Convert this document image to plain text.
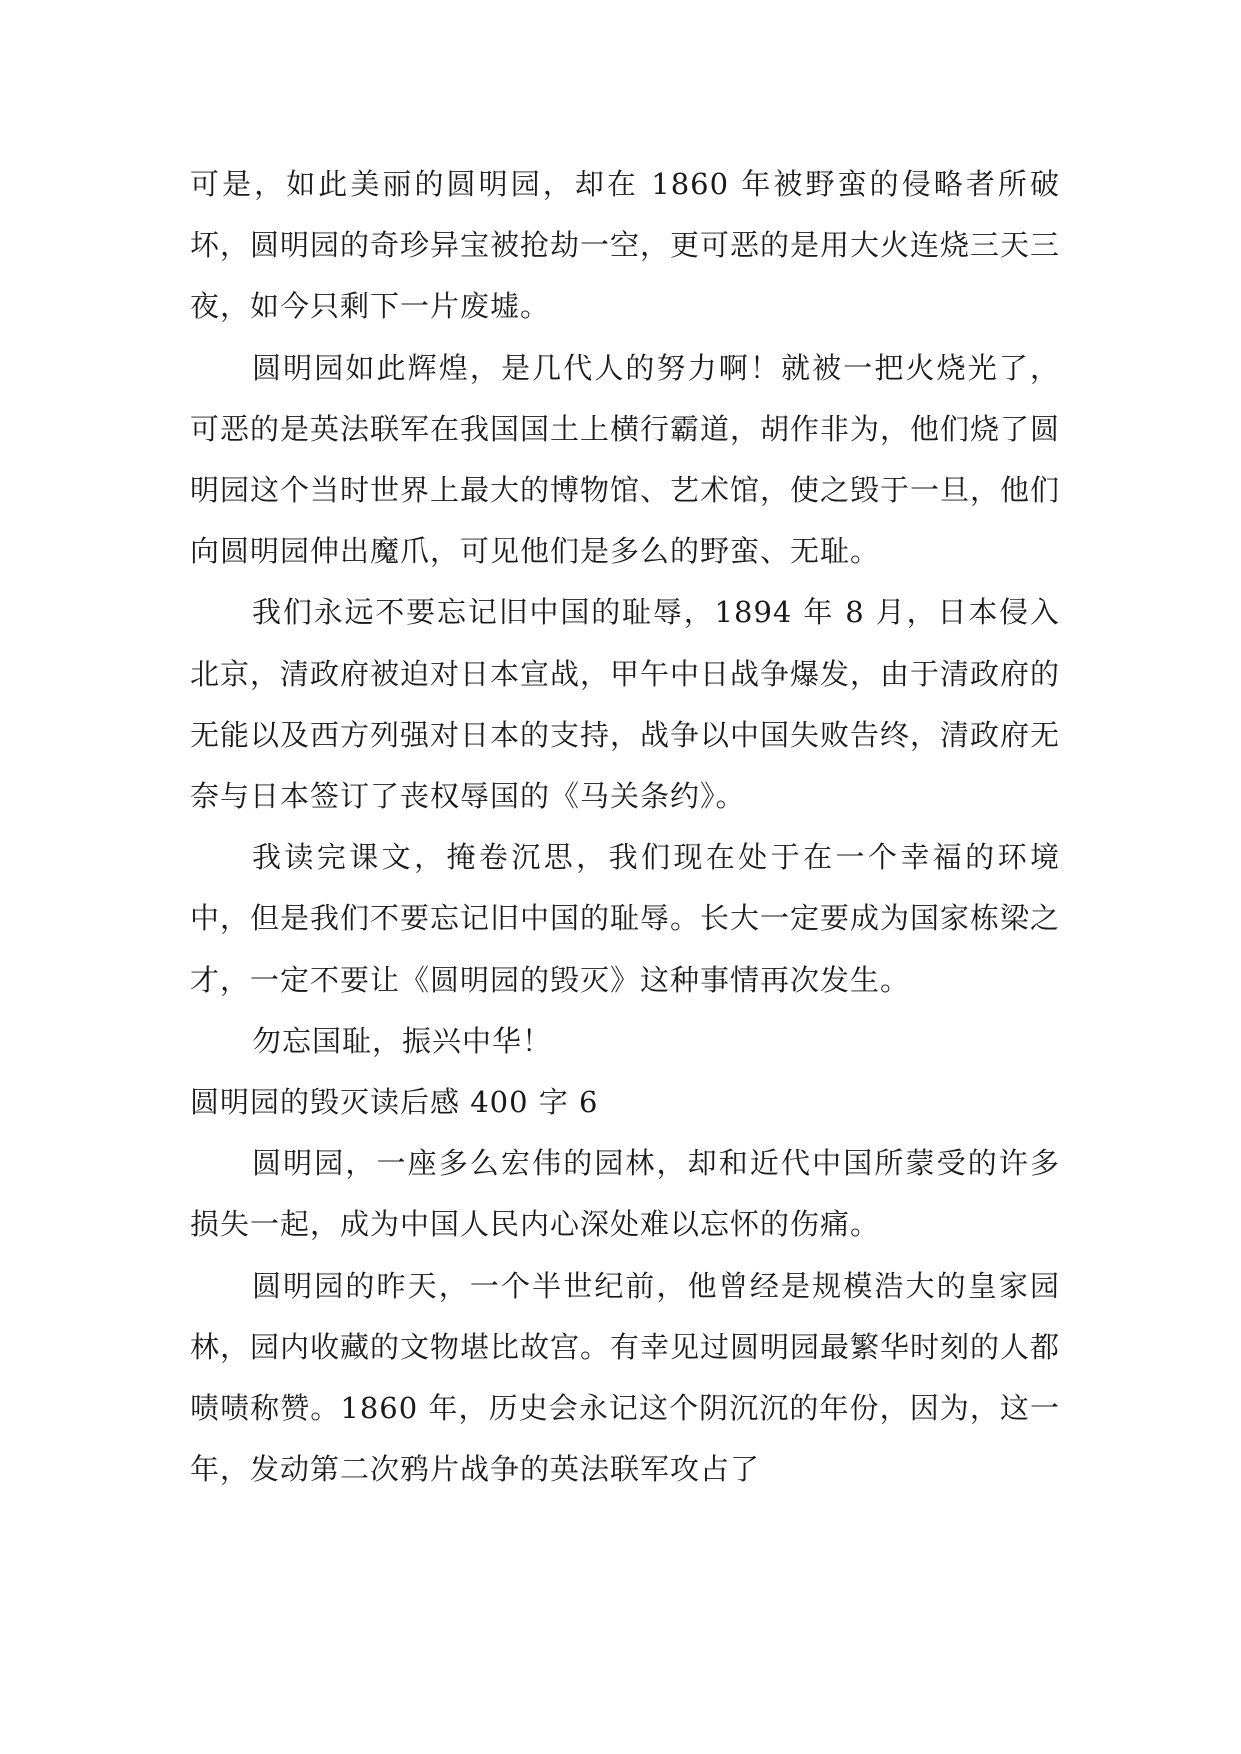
可是，如此美丽的圆明园，却在 1860 年被野蛮的侵略者所破坏，圆明园的奇珍异宝被抢劫一空，更可恶的是用大火连烧三天三夜，如今只剩下一片废墟。

圆明园如此辉煌，是几代人的努力啊！就被一把火烧光了，可恶的是英法联军在我国国土上横行霸道，胡作非为，他们烧了圆明园这个当时世界上最大的博物馆、艺术馆，使之毁于一旦，他们向圆明园伸出魔爪，可见他们是多么的野蛮、无耻。

我们永远不要忘记旧中国的耻辱，1894 年 8 月，日本侵入北京，清政府被迫对日本宣战，甲午中日战争爆发，由于清政府的无能以及西方列强对日本的支持，战争以中国失败告终，清政府无奈与日本签订了丧权辱国的《马关条约》。

我读完课文，掩卷沉思，我们现在处于在一个幸福的环境中，但是我们不要忘记旧中国的耻辱。长大一定要成为国家栋梁之才，一定不要让《圆明园的毁灭》这种事情再次发生。

勿忘国耻，振兴中华！

圆明园的毁灭读后感 400 字 6

圆明园，一座多么宏伟的园林，却和近代中国所蒙受的许多损失一起，成为中国人民内心深处难以忘怀的伤痛。

圆明园的昨天，一个半世纪前，他曾经是规模浩大的皇家园林，园内收藏的文物堪比故宫。有幸见过圆明园最繁华时刻的人都啧啧称赞。1860 年，历史会永记这个阴沉沉的年份，因为，这一年，发动第二次鸦片战争的英法联军攻占了
